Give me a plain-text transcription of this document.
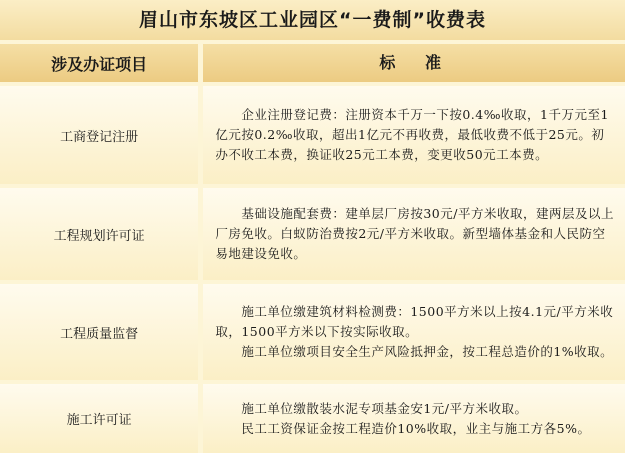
眉山市东坡区工业园区“一费制”收费表
涉及办证项目	标 准
工商登记注册

　　企业注册登记费：注册资本千万一下按0.4‰收取，1千万元至1亿元按0.2‰收取，超出1亿元不再收费，最低收费不低于25元。初办不收工本费，换证收25元工本费，变更收50元工本费。

工程规划许可证

　　基础设施配套费：建单层厂房按30元/平方米收取，建两层及以上厂房免收。白蚁防治费按2元/平方米收取。新型墙体基金和人民防空易地建设免收。

工程质量监督

　　施工单位缴建筑材料检测费：1500平方米以上按4.1元/平方米收取，1500平方米以下按实际收取。

　　施工单位缴项目安全生产风险抵押金，按工程总造价的1%收取。

施工许可证

　　施工单位缴散装水泥专项基金安1元/平方米收取。

　　民工工资保证金按工程造价10%收取，业主与施工方各5%。
